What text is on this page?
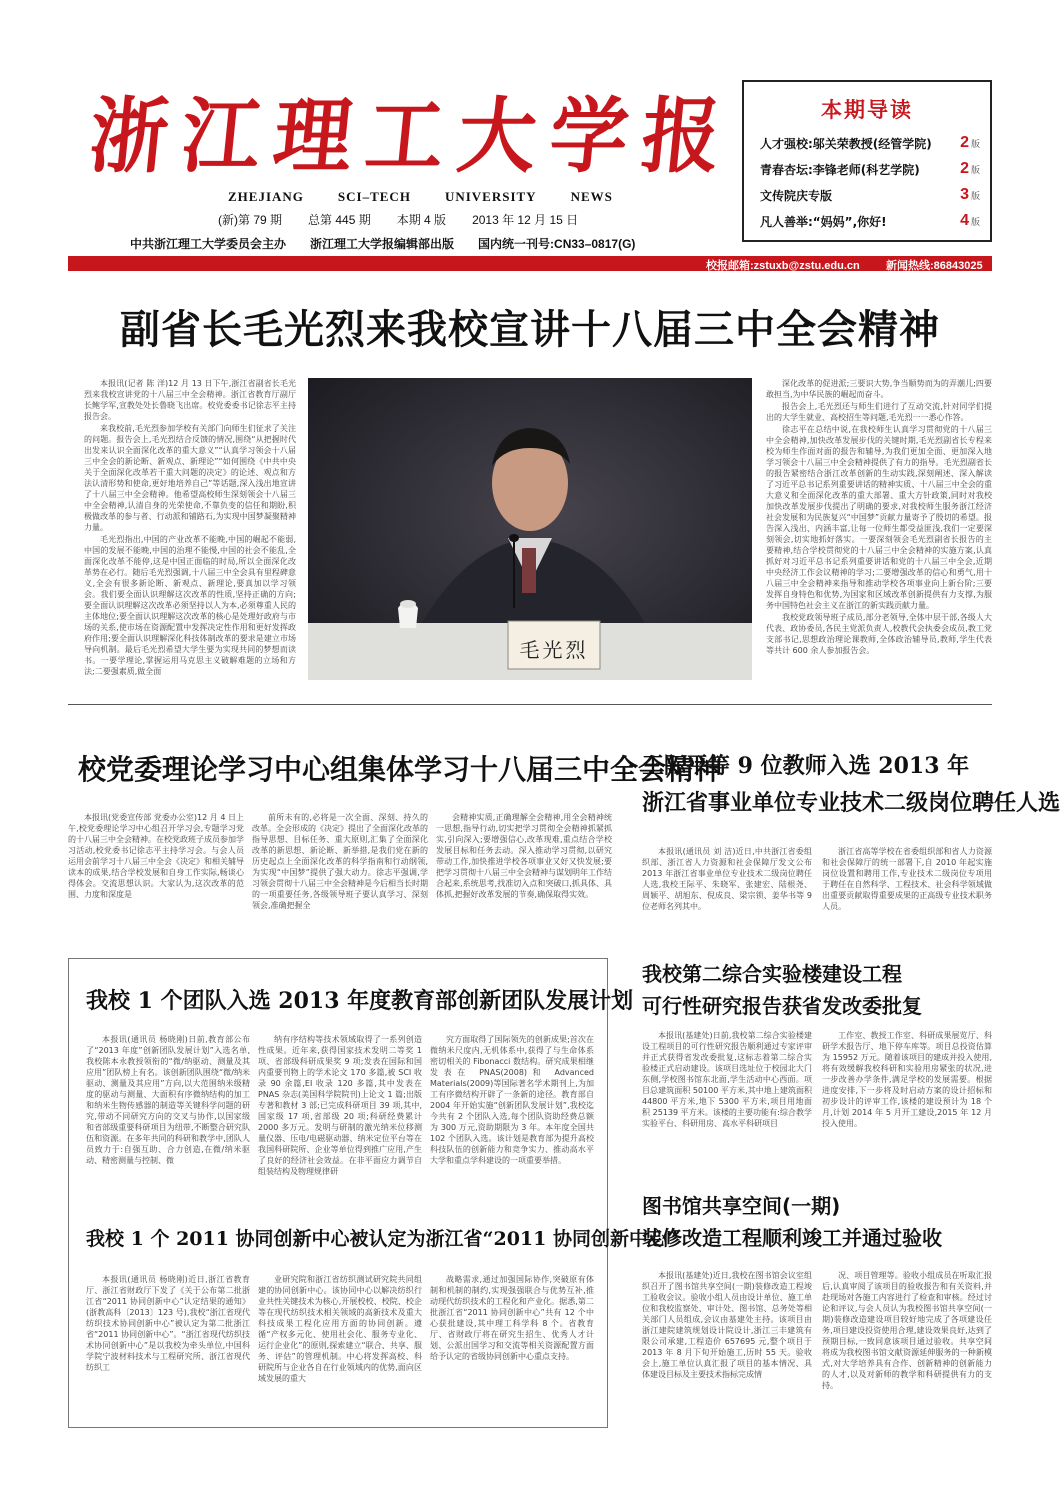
浙 江 理 工 大 学 报
ZHEJIANG	SCI–TECH	UNIVERSITY	NEWS
(新)第 79 期 总第 445 期 本期 4 版 2013 年 12 月 15 日
中共浙江理工大学委员会主办 浙江理工大学报编辑部出版 国内统一刊号:CN33–0817(G)
本期导读
人才强校:邬关荣教授(经管学院) 2 版
青春杏坛:李锋老师(科艺学院)	2 版
文传院庆专版	3 版
凡人善举:“妈妈”,你好!	4 版
校报邮箱:zstuxb@zstu.edu.cn 新闻热线:86843025
副省长毛光烈来我校宣讲十八届三中全会精神

本报讯(记者 陈 洋)12 月 13 日下午,浙江省副省长毛光烈来我校宣讲党的十八届三中全会精神。浙江省教育厅副厅长鲍学军,宣教处处长鲁晓飞出席。校党委委书记徐志平主持报告会。

来我校前,毛光烈参加学校有关部门向师生们征求了关注的问题。报告会上,毛光烈结合反馈的情况,围绕“从把握时代出发来认识全面深化改革的重大意义”“认真学习领会十八届三中全会的新论断、新观点、新理论”“如何围绕《中共中央关于全面深化改革若干重大问题的决定》的论述、观点和方法认清形势和使命,更好地培养自己”等话题,深入浅出地宣讲了十八届三中全会精神。他希望高校师生深刻领会十八届三中全会精神,认清自身的光荣使命,不靠负变的信任和期盼,积极做改革的参与者、行动派和铺路石,为实现中国梦凝聚精神力量。

毛光烈指出,中国的产业改革不能晚,中国的崛起不能弱,中国的发展不能晚,中国的治理不能慢,中国的社会不能乱,全面深化改革不能停,这是中国正面临的时局,所以全面深化改革势在必行。随后毛光烈强调,十八届三中全会具有里程碑意义,全会有很多新论断、新观点、新理论,要真加以学习领会。我们要全面认识理解这次改革的性质,坚持正确的方向;要全面认识理解这次改革必须坚持以人为本,必须尊重人民的主体地位;要全面认识理解这次改革的核心是处理好政府与市场的关系,使市场在资源配置中发挥决定性作用和更好发挥政府作用;要全面认识理解深化科技体制改革的要求是建立市场导向机制。最后毛光烈希望大学生要为实现共同的梦想而读书。一要学理论,掌握运用马克思主义破解难题的立场和方法;二要强素质,做全面

毛光烈

深化改革的促进派;三要识大势,争当顺势而为的弄潮儿;四要敢担当,为中华民族的崛起而奋斗。

报告会上,毛光烈还与师生们进行了互动交流,针对同学们提出的大学生就业、高校招生等问题,毛光烈一一悉心作答。

徐志平在总结中说,在我校师生认真学习贯彻党的十八届三中全会精神,加快改革发展步伐的关键时期,毛光烈副省长专程来校为师生作面对面的报告和辅导,为我们更加全面、更加深入地学习领会十八届三中全会精神提供了有力的指导。毛光烈副省长的报告紧密结合浙江改革创新的生动实践,深刻阐述、深入解读了习近平总书记系列重要讲话的精神实质、十八届三中全会的重大意义和全面深化改革的重大部署、重大方针政策,同时对我校加快改革发展步伐提出了明确的要求,对我校师生服务浙江经济社会发展和为民族复兴“中国梦”贡献力量寄予了殷切的希望。报告深入浅出、内涵丰富,让每一位师生都受益匪浅,我们一定要深刻领会,切实地抓好落实。一要深刻领会毛光烈副省长报告的主要精神,结合学校贯彻党的十八届三中全会精神的实施方案,认真抓好对习近平总书记系列重要讲话和党的十八届三中全会,近期中央经济工作会议精神的学习;二要增强改革的信心和勇气,用十八届三中全会精神来指导和推动学校各项事业向上新台阶;三要发挥自身特色和优势,为国家和区域改革创新提供有力支撑,为服务中国特色社会主义在浙江的新实践贡献力量。

我校党政领导班子成员,部分老领导,全体中层干部,各级人大代表、政协委员,各民主党派负责人,校教代会执委会成员,教工党支部书记,思想政治理论课教师,全体政治辅导员,教师,学生代表等共计 600 余人参加报告会。

校党委理论学习中心组集体学习十八届三中全会精神

本报讯(党委宣传部 党委办公室)12 月 4 日上午,校党委理论学习中心组召开学习会,专题学习党的十八届三中全会精神。在校党政班子成员参加学习活动,校党委书记徐志平主持学习会。与会人员运用会前学习十八届三中全会《决定》和相关辅导读本的成果,结合学校发展和自身工作实际,畅谈心得体会。交流思想认识。大家认为,这次改革的范围、力度和深度是

前所未有的,必将是一次全面、深刻、持久的改革。全会形成的《决定》提出了全面深化改革的指导思想、目标任务、重大原则,汇集了全面深化改革的新思想、新论断、新举措,是我们党在新的历史起点上全面深化改革的科学指南和行动纲领,为实现“中国梦”提供了强大动力。徐志平强调,学习领会贯彻十八届三中全会精神是今后相当长时期的一项重要任务,各级领导班子要认真学习、深刻领会,准确把握全

会精神实质,正确理解全会精神,用全会精神统一思想,指导行动,切实把学习贯彻全会精神抓紧抓实,引向深入;要增强信心,改革现难,重点结合学校发展目标和任务去动。深入推动学习贯彻,以研究带动工作,加快推进学校各项事业又好又快发展;要把学习贯彻十八届三中全会精神与谋划明年工作结合起来,系统思考,找准切入点和突破口,抓具体、具体抓,把握好改革发展的节奏,确保取得实效。

王际平等 9 位教师入选 2013 年
浙江省事业单位专业技术二级岗位聘任人选

本报讯(通讯员 刘 洁)近日,中共浙江省委组织部、浙江省人力资源和社会保障厅发文公布 2013 年浙江省事业单位专业技术二级岗位聘任人选,我校王际平、朱晓军、张建宏、陆根尧、周颖平、胡旭东、倪成良、梁宗锁、姜华书等 9 位老师名列其中。

浙江省高等学校在省委组织部和省人力资源和社会保障厅的统一部署下,自 2010 年起实施岗位设置和聘用工作,专业技术二级岗位专项用于聘任在自然科学、工程技术、社会科学领域做出重要贡献取得重要成果的正高级专业技术职务人员。

我校 1 个团队入选 2013 年度教育部创新团队发展计划

本报讯(通讯员 杨晓刚)日前,教育部公布了“2013 年度”创新团队发展计划”入选名单,我校陈本永教授领衔的“微/纳驱动、测量及其应用”团队榜上有名。该创新团队围绕“微/纳米驱动、测量及其应用”方向,以大范围纳米级精度的驱动与测量、大面积有序微纳结构的加工和纳米生物传感器的制造等关键科学问题的研究,带动不同研究方向的交叉与协作,以国家级和省部级重要科研项目为纽带,不断整合研究队伍和资源。在多年共同的科研和教学中,团队人员致力于:自强互助、合力创造,在微/纳米驱动、精密测量与控制、微

纳有序结构等技术领域取得了一系列创造性成果。近年来,获得国家技术发明二等奖 1 项、省部级科研成果奖 9 项;发表在国际和国内重要刊物上的学术论文 170 多篇,被 SCI 收录 90 余篇,EI 收录 120 多篇,其中发表在 PNAS 杂志(美国科学院院刊)上论文 1 篇;出版专著和教材 3 部;已完成科研项目 39 项,其中,国家级 17 项,省部级 20 项;科研经费累计 2000 多万元。发明与研制的激光纳米位移测量仪器、压电/电磁驱动器、纳米定位平台等在我国科研院所、企业等单位得到推广应用,产生了良好的经济社会效益。在非平面应力调节自组装结构及物理规律研

究方面取得了国际领先的创新成果;首次在微纳米尺度内,无机体系中,获得了与生命体系密切相关的 Fibonacci 数结构。研究成果相继发表在 PNAS(2008)和 Advanced Materials(2009)等国际著名学术期刊上,为加工有序微结构开辟了一条新的途径。教育部自 2004 年开始实施“创新团队发展计划”,我校迄今共有 2 个团队入选,每个团队资助经费总额为 300 万元,资助期限为 3 年。本年度全国共 102 个团队入选。该计划是教育部为提升高校科技队伍的创新能力和竞争实力、推动高水平大学和重点学科建设的一项重要举措。

我校 1 个 2011 协同创新中心被认定为浙江省“2011 协同创新中心”

本报讯(通讯员 杨晓刚)近日,浙江省教育厅、浙江省财政厅下发了《关于公布第二批浙江省“2011 协同创新中心”认定结果的通知》(浙教高科〔2013〕123 号),我校“浙江省现代纺织技术协同创新中心”被认定为第二批浙江省“2011 协同创新中心”。“浙江省现代纺织技术协同创新中心”是以我校为牵头单位,中国科学院宁波材料技术与工程研究所、浙江省现代纺织工

业研究院和浙江省纺织测试研究院共同组建的协同创新中心。该协同中心以解决纺织行业共性关键技术为核心,开展校校、校院、校企等在现代纺织技术相关领域的高新技术及重大科技成果工程化应用方面的协同创新。遵循“产权多元化、使用社会化、服务专业化、运行企业化”的原则,探索建立“联合、共享、服务、评估”的管理机制。中心将发挥高校、科研院所与企业各自在行业领域内的优势,面向区域发展的重大

战略需求,通过加强国际协作,突破原有体制和机制的制约,实现强强联合与优势互补,推动现代纺织技术的工程化和产业化。据悉,第二批浙江省“2011 协同创新中心”共有 12 个中心获批建设,其中理工科学科 8 个。省教育厅、省财政厅将在研究生招生、优秀人才计划、公派出国学习和交流等相关资源配置方面给予认定的省级协同创新中心重点支持。

我校第二综合实验楼建设工程
可行性研究报告获省发改委批复

本报讯(基建处)日前,我校第二综合实验楼建设工程项目的可行性研究报告顺利通过专家评审并正式获得省发改委批复,这标志着第二综合实验楼正式启动建设。该项目选址位于校园北大门东侧,学校图书馆东北面,学生活动中心西面。项目总建筑面积 50100 平方米,其中地上建筑面积 44800 平方米,地下 5300 平方米,项目用地面积 25139 平方米。该楼的主要功能有:综合教学实验平台、科研用房、高水平科研项目

工作室、教授工作室、科研成果展览厅、科研学术报告厅、地下停车库等。项目总投资估算为 15952 万元。随着该项目的建成并投入使用,将有效缓解我校科研和实验用房紧张的状况,进一步改善办学条件,满足学校的发展需要。根据进度安排,下一步将及时启动方案的设计招标和初步设计的评审工作,该楼的建设预计为 18 个月,计划 2014 年 5 月开工建设,2015 年 12 月投入使用。

图书馆共享空间(一期)
装修改造工程顺利竣工并通过验收

本报讯(基建处)近日,我校在图书馆会议室组织召开了图书馆共享空间(一期)装修改造工程竣工验收会议。验收小组人员由设计单位、施工单位和我校监察处、审计处、图书馆、总务处等相关部门人员组成,会议由基建处主持。该项目由浙江建院建筑规划设计院设计,浙江三丰建筑有限公司承建,工程造价 657695 元,整个项目于 2013 年 8 月下旬开始施工,历时 55 天。验收会上,施工单位认真汇报了项目的基本情况、具体建设目标及主要技术指标完成情

况、项目管理等。验收小组成员在听取汇报后,认真审阅了该项目的验收报告和有关资料,并赴现场对各施工内容进行了检查和审核。经过讨论和评议,与会人员认为我校图书馆共享空间(一期)装修改造建设项目较好地完成了各项建设任务,项目建设投资使用合理,建设效果良好,达到了预期目标,一致同意该项目通过验收。共享空间将成为我校图书馆文献资源延伸服务的一种新模式,对大学培养具有合作、创新精神的创新能力的人才,以及对新师的教学和科研提供有力的支持。
